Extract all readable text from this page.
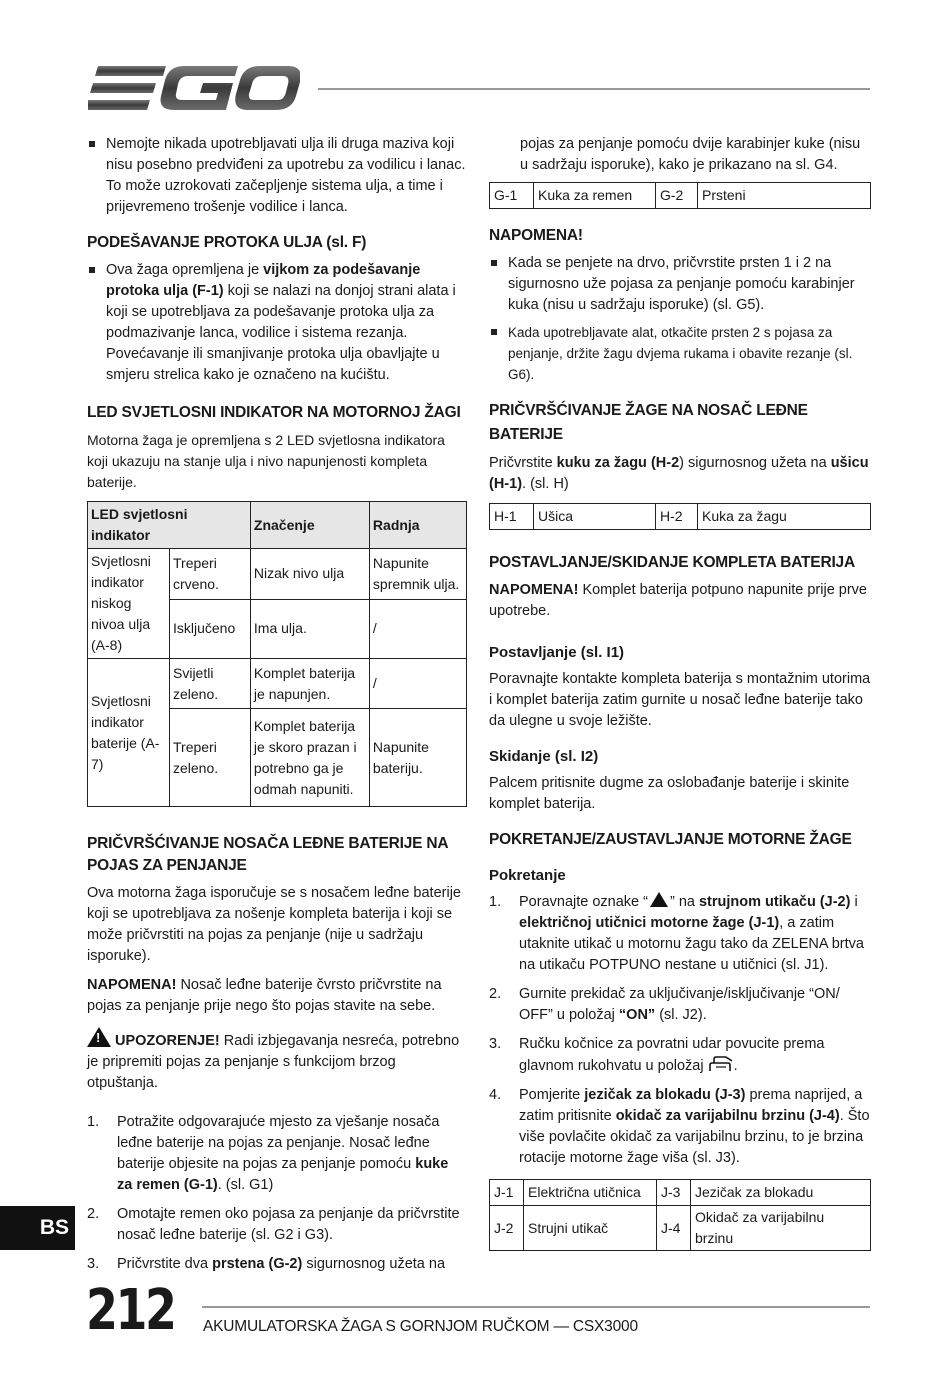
Nemojte nikada upotrebljavati ulja ili druga maziva koji nisu posebno predviđeni za upotrebu za vodilicu i lanac. To može uzrokovati začepljenje sistema ulja, a time i prijevremeno trošenje vodilice i lanca.
PODEŠAVANJE PROTOKA ULJA (sl. F)
Ova žaga opremljena je vijkom za podešavanje protoka ulja (F-1) koji se nalazi na donjoj strani alata i koji se upotrebljava za podešavanje protoka ulja za podmazivanje lanca, vodilice i sistema rezanja. Povećavanje ili smanjivanje protoka ulja obavljajte u smjeru strelica kako je označeno na kućištu.
LED SVJETLOSNI INDIKATOR NA MOTORNOJ ŽAGI

Motorna žaga je opremljena s 2 LED svjetlosna indikatora koji ukazuju na stanje ulja i nivo napunjenosti kompleta baterije.

LED svjetlosni indikator		Značenje	Radnja
Svjetlosni indikator niskog nivoa ulja (A-8)	Treperi crveno.	Nizak nivo ulja	Napunite spremnik ulja.
	Isključeno	Ima ulja.	/
Svjetlosni indikator baterije (A-7)	Svijetli zeleno.	Komplet baterija je napunjen.	/
	Treperi zeleno.	Komplet baterija je skoro prazan i potrebno ga je odmah napuniti.	Napunite bateriju.
PRIČVRŠĆIVANJE NOSAČA LEĐNE BATERIJE NA POJAS ZA PENJANJE

Ova motorna žaga isporučuje se s nosačem leđne baterije koji se upotrebljava za nošenje kompleta baterija i koji se može pričvrstiti na pojas za penjanje (nije u sadržaju isporuke).

NAPOMENA! Nosač leđne baterije čvrsto pričvrstite na pojas za penjanje prije nego što pojas stavite na sebe.

!UPOZORENJE! Radi izbjegavanja nesreća, potrebno je pripremiti pojas za penjanje s funkcijom brzog otpuštanja.

1. Potražite odgovarajuće mjesto za vješanje nosača leđne baterije na pojas za penjanje. Nosač leđne baterije objesite na pojas za penjanje pomoću kuke za remen (G-1). (sl. G1)
2. Omotajte remen oko pojasa za penjanje da pričvrstite nosač leđne baterije (sl. G2 i G3).
3. Pričvrstite dva prstena (G-2) sigurnosnog užeta na

pojas za penjanje pomoću dvije karabinjer kuke (nisu u sadržaju isporuke), kako je prikazano na sl. G4.

G-1	Kuka za remen	G-2	Prsteni
NAPOMENA!
Kada se penjete na drvo, pričvrstite prsten 1 i 2 na sigurnosno uže pojasa za penjanje pomoću karabinjer kuka (nisu u sadržaju isporuke) (sl. G5).
Kada upotrebljavate alat, otkačite prsten 2 s pojasa za penjanje, držite žagu dvjema rukama i obavite rezanje (sl. G6).
PRIČVRŠĆIVANJE ŽAGE NA NOSAČ LEĐNE BATERIJE

Pričvrstite kuku za žagu (H-2) sigurnosnog užeta na ušicu (H-1). (sl. H)

H-1	Ušica	H-2	Kuka za žagu
POSTAVLJANJE/SKIDANJE KOMPLETA BATERIJA

NAPOMENA! Komplet baterija potpuno napunite prije prve upotrebe.

Postavljanje (sl. I1)

Poravnajte kontakte kompleta baterija s montažnim utorima i komplet baterija zatim gurnite u nosač leđne baterije tako da ulegne u svoje ležište.

Skidanje (sl. I2)

Palcem pritisnite dugme za oslobađanje baterije i skinite komplet baterija.

POKRETANJE/ZAUSTAVLJANJE MOTORNE ŽAGE
Pokretanje
1. Poravnajte oznake “ ” na strujnom utikaču (J-2) i električnoj utičnici motorne žage (J-1), a zatim utaknite utikač u motornu žagu tako da ZELENA brtva na utikaču POTPUNO nestane u utičnici (sl. J1).
2. Gurnite prekidač za uključivanje/isključivanje “ON/ OFF” u položaj “ON” (sl. J2).
3. Ručku kočnice za povratni udar povucite prema glavnom rukohvatu u položaj .
4. Pomjerite jezičak za blokadu (J-3) prema naprijed, a zatim pritisnite okidač za varijabilnu brzinu (J-4). Što više povlačite okidač za varijabilnu brzinu, to je brzina rotacije motorne žage viša (sl. J3).
J-1	Električna utičnica	J-3	Jezičak za blokadu
J-2	Strujni utikač	J-4	Okidač za varijabilnu brzinu
BS
212 AKUMULATORSKA ŽAGA S GORNJOM RUČKOM — CSX3000
